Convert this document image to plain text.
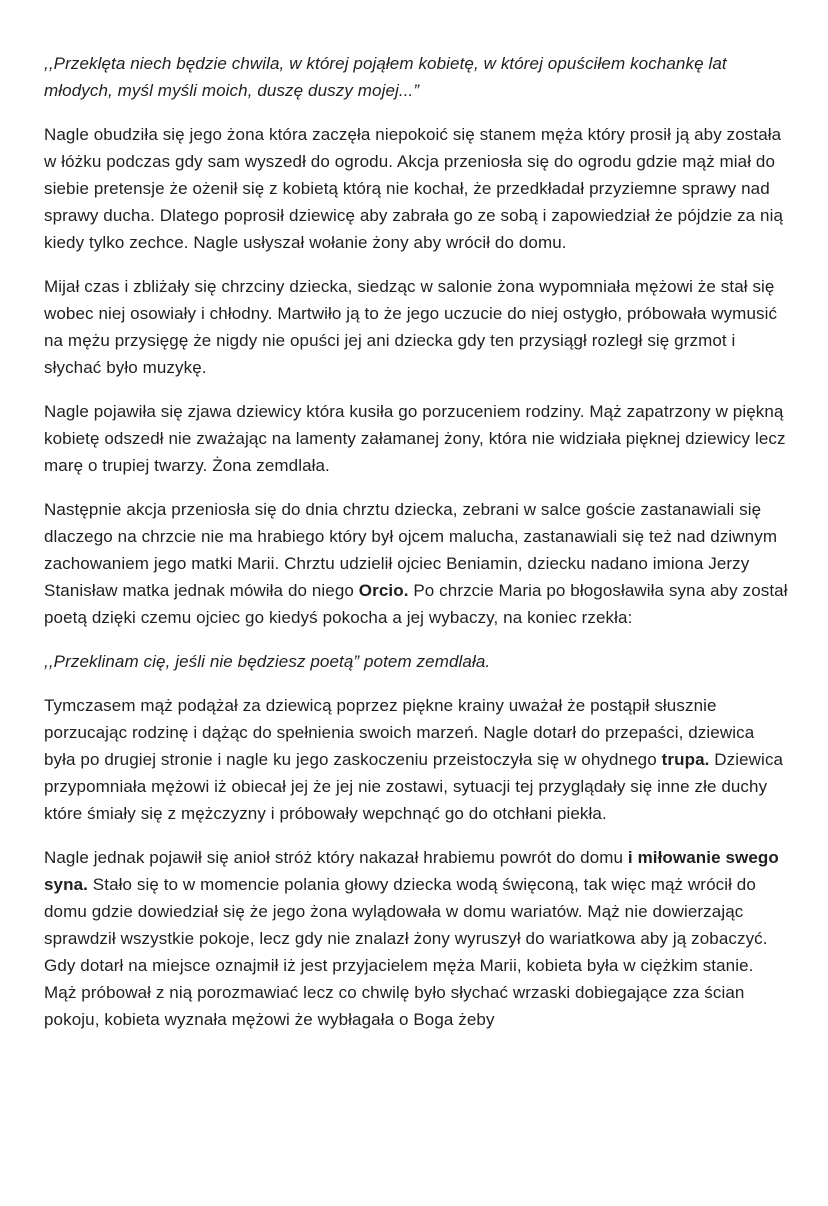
,,Przeklęta niech będzie chwila, w której pojąłem kobietę, w której opuściłem kochankę lat młodych, myśl myśli moich, duszę duszy mojej...”

Nagle obudziła się jego żona która zaczęła niepokoić się stanem męża który prosił ją aby została w łóżku podczas gdy sam wyszedł do ogrodu. Akcja przeniosła się do ogrodu gdzie mąż miał do siebie pretensje że ożenił się z kobietą którą nie kochał, że przedkładał przyziemne sprawy nad sprawy ducha. Dlatego poprosił dziewicę aby zabrała go ze sobą i zapowiedział że pójdzie za nią kiedy tylko zechce. Nagle usłyszał wołanie żony aby wrócił do domu.

Mijał czas i zbliżały się chrzciny dziecka, siedząc w salonie żona wypomniała mężowi że stał się wobec niej osowiały i chłodny. Martwiło ją to że jego uczucie do niej ostygło, próbowała wymusić na mężu przysięgę że nigdy nie opuści jej ani dziecka gdy ten przysiągł rozległ się grzmot i słychać było muzykę.

Nagle pojawiła się zjawa dziewicy która kusiła go porzuceniem rodziny. Mąż zapatrzony w piękną kobietę odszedł nie zważając na lamenty załamanej żony, która nie widziała pięknej dziewicy lecz marę o trupiej twarzy. Żona zemdlała.

Następnie akcja przeniosła się do dnia chrztu dziecka, zebrani w salce goście zastanawiali się dlaczego na chrzcie nie ma hrabiego który był ojcem malucha, zastanawiali się też nad dziwnym zachowaniem jego matki Marii. Chrztu udzielił ojciec Beniamin, dziecku nadano imiona Jerzy Stanisław matka jednak mówiła do niego Orcio. Po chrzcie Maria po błogosławiła syna aby został poetą dzięki czemu ojciec go kiedyś pokocha a jej wybaczy, na koniec rzekła:

,,Przeklinam cię, jeśli nie będziesz poetą” potem zemdlała.

Tymczasem mąż podążał za dziewicą poprzez piękne krainy uważał że postąpił słusznie porzucając rodzinę i dążąc do spełnienia swoich marzeń. Nagle dotarł do przepaści, dziewica była po drugiej stronie i nagle ku jego zaskoczeniu przeistoczyła się w ohydnego trupa. Dziewica przypomniała mężowi iż obiecał jej że jej nie zostawi, sytuacji tej przyglądały się inne złe duchy które śmiały się z mężczyzny i próbowały wepchnąć go do otchłani piekła.

Nagle jednak pojawił się anioł stróż który nakazał hrabiemu powrót do domu i miłowanie swego syna. Stało się to w momencie polania głowy dziecka wodą święconą, tak więc mąż wrócił do domu gdzie dowiedział się że jego żona wylądowała w domu wariatów. Mąż nie dowierzając sprawdził wszystkie pokoje, lecz gdy nie znalazł żony wyruszył do wariatkowa aby ją zobaczyć. Gdy dotarł na miejsce oznajmił iż jest przyjacielem męża Marii, kobieta była w ciężkim stanie. Mąż próbował z nią porozmawiać lecz co chwilę było słychać wrzaski dobiegające zza ścian pokoju, kobieta wyznała mężowi że wybłagała o Boga żeby
